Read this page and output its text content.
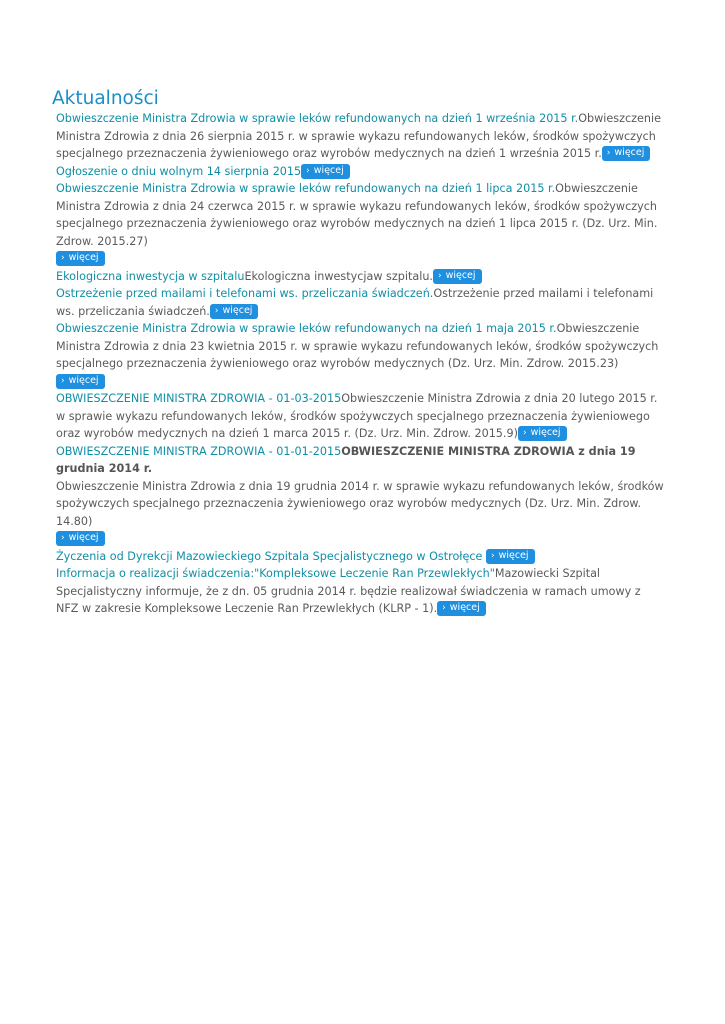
Aktualności
Obwieszczenie Ministra Zdrowia w sprawie leków refundowanych na dzień 1 września 2015 r.Obwieszczenie Ministra Zdrowia z dnia 26 sierpnia 2015 r. w sprawie wykazu refundowanych leków, środków spożywczych specjalnego przeznaczenia żywieniowego oraz wyrobów medycznych na dzień 1 września 2015 r. › więcej
Ogłoszenie o dniu wolnym 14 sierpnia 2015 › więcej
Obwieszczenie Ministra Zdrowia w sprawie leków refundowanych na dzień 1 lipca 2015 r.Obwieszczenie Ministra Zdrowia z dnia 24 czerwca 2015 r. w sprawie wykazu refundowanych leków, środków spożywczych specjalnego przeznaczenia żywieniowego oraz wyrobów medycznych na dzień 1 lipca 2015 r. (Dz. Urz. Min. Zdrow. 2015.27)
› więcej
Ekologiczna inwestycja w szpitaluEkologiczna inwestycjaw szpitalu. › więcej
Ostrzeżenie przed mailami i telefonami ws. przeliczania świadczeń.Ostrzeżenie przed mailami i telefonami ws. przeliczania świadczeń. › więcej
Obwieszczenie Ministra Zdrowia w sprawie leków refundowanych na dzień 1 maja 2015 r.Obwieszczenie Ministra Zdrowia z dnia 23 kwietnia 2015 r. w sprawie wykazu refundowanych leków, środków spożywczych specjalnego przeznaczenia żywieniowego oraz wyrobów medycznych (Dz. Urz. Min. Zdrow. 2015.23)› więcej
OBWIESZCZENIE MINISTRA ZDROWIA - 01-03-2015Obwieszczenie Ministra Zdrowia z dnia 20 lutego 2015 r. w sprawie wykazu refundowanych leków, środków spożywczych specjalnego przeznaczenia żywieniowego oraz wyrobów medycznych na dzień 1 marca 2015 r. (Dz. Urz. Min. Zdrow. 2015.9) › więcej
OBWIESZCZENIE MINISTRA ZDROWIA - 01-01-2015OBWIESZCZENIE MINISTRA ZDROWIA z dnia 19 grudnia 2014 r.
Obwieszczenie Ministra Zdrowia z dnia 19 grudnia 2014 r. w sprawie wykazu refundowanych leków, środków spożywczych specjalnego przeznaczenia żywieniowego oraz wyrobów medycznych (Dz. Urz. Min. Zdrow. 14.80)
› więcej
Życzenia od Dyrekcji Mazowieckiego Szpitala Specjalistycznego w Ostrołęce › więcej
Informacja o realizacji świadczenia:"Kompleksowe Leczenie Ran Przewlekłych"Mazowiecki Szpital Specjalistyczny informuje, że z dn. 05 grudnia 2014 r. będzie realizował świadczenia w ramach umowy z NFZ w zakresie Kompleksowe Leczenie Ran Przewlekłych (KLRP - 1). › więcej
